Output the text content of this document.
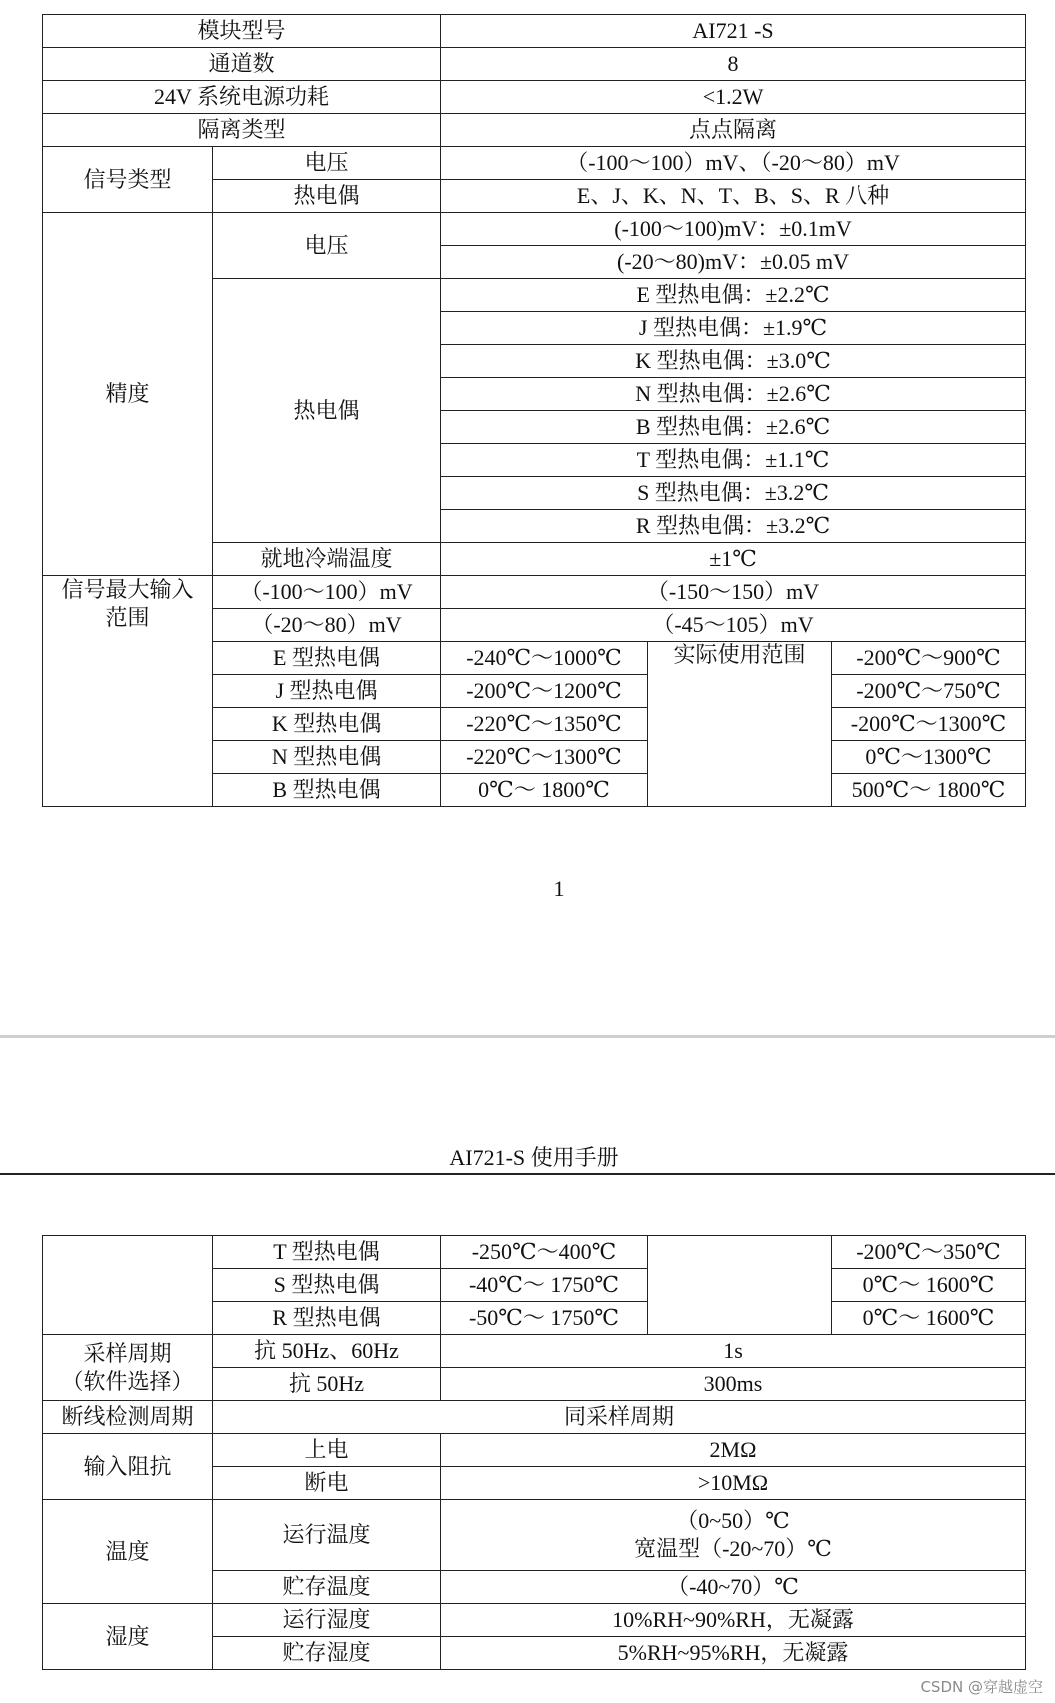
模块型号		AI721 -S		
通道数		8		
24V 系统电源功耗		<1.2W		
隔离类型		点点隔离		
信号类型	电压	（-100～100）mV、（-20～80）mV		
	热电偶	E、J、K、N、T、B、S、R 八种		
精度	电压	(-100～100)mV：±0.1mV		
		(-20～80)mV：±0.05 mV		
	热电偶	E 型热电偶：±2.2℃		
		J 型热电偶：±1.9℃		
		K 型热电偶：±3.0℃		
		N 型热电偶：±2.6℃		
		B 型热电偶：±2.6℃		
		T 型热电偶：±1.1℃		
		S 型热电偶：±3.2℃		
		R 型热电偶：±3.2℃		
	就地冷端温度	±1℃		

信号最大输入
范围	（-100～100）mV	（-150～150）mV		
	（-20～80）mV	（-45～105）mV		
	E 型热电偶	-240℃～1000℃	实际使用范围	-200℃～900℃
	J 型热电偶	-200℃～1200℃		-200℃～750℃
	K 型热电偶	-220℃～1350℃		-200℃～1300℃
	N 型热电偶	-220℃～1300℃		0℃～1300℃
	B 型热电偶	0℃～ 1800℃		500℃～ 1800℃
1
AI721-S 使用手册
	T 型热电偶	-250℃～400℃		-200℃～350℃
	S 型热电偶	-40℃～ 1750℃		0℃～ 1600℃
	R 型热电偶	-50℃～ 1750℃		0℃～ 1600℃

采样周期
（软件选择）	抗 50Hz、60Hz	1s		
	抗 50Hz	300ms		
断线检测周期	同采样周期			
输入阻抗	上电	2MΩ		
	断电	>10MΩ		
温度	运行温度	（0~50）℃
宽温型（-20~70）℃		

	贮存温度	（-40~70）℃		
湿度	运行湿度	10%RH~90%RH，无凝露		
	贮存湿度	5%RH~95%RH，无凝露		
CSDN @穿越虚空
